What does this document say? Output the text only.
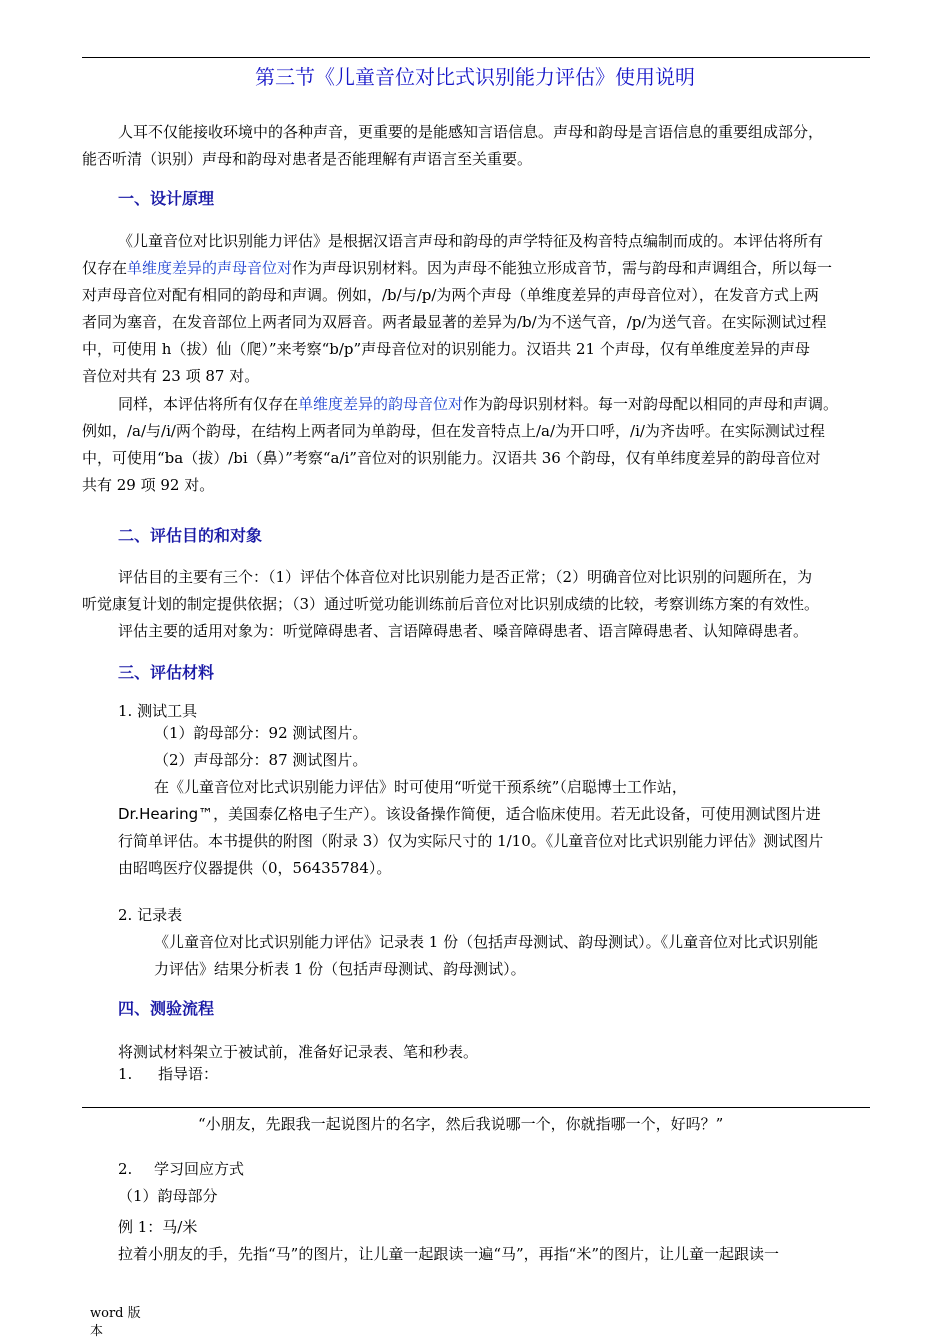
第三节《儿童音位对比式识别能力评估》使用说明
人耳不仅能接收环境中的各种声音，更重要的是能感知言语信息。声母和韵母是言语信息的重要组成部分，
能否听清（识别）声母和韵母对患者是否能理解有声语言至关重要。
一、设计原理
《儿童音位对比识别能力评估》是根据汉语言声母和韵母的声学特征及构音特点编制而成的。本评估将所有
仅存在单维度差异的声母音位对作为声母识别材料。因为声母不能独立形成音节，需与韵母和声调组合，所以每一
对声母音位对配有相同的韵母和声调。例如，/b/与/p/为两个声母（单维度差异的声母音位对），在发音方式上两
者同为塞音，在发音部位上两者同为双唇音。两者最显著的差异为/b/为不送气音，/p/为送气音。在实际测试过程
中，可使用 h（拔）仙（爬）”来考察“b/p”声母音位对的识别能力。汉语共 21 个声母，仅有单维度差异的声母
音位对共有 23 项 87 对。
同样，本评估将所有仅存在单维度差异的韵母音位对作为韵母识别材料。每一对韵母配以相同的声母和声调。
例如，/a/与/i/两个韵母，在结构上两者同为单韵母，但在发音特点上/a/为开口呼，/i/为齐齿呼。在实际测试过程
中，可使用“ba（拔）/bi（鼻）”考察“a/i”音位对的识别能力。汉语共 36 个韵母，仅有单纬度差异的韵母音位对
共有 29 项 92 对。
二、评估目的和对象
评估目的主要有三个：（1）评估个体音位对比识别能力是否正常；（2）明确音位对比识别的问题所在，为
听觉康复计划的制定提供依据；（3）通过听觉功能训练前后音位对比识别成绩的比较，考察训练方案的有效性。
评估主要的适用对象为：听觉障碍患者、言语障碍患者、嗓音障碍患者、语言障碍患者、认知障碍患者。
三、评估材料
1. 测试工具
（1）韵母部分：92 测试图片。
（2）声母部分：87 测试图片。
在《儿童音位对比式识别能力评估》时可使用“听觉干预系统”（启聪博士工作站，
Dr.Hearing™，美国泰亿格电子生产）。该设备操作简便，适合临床使用。若无此设备，可使用测试图片进
行简单评估。本书提供的附图（附录 3）仅为实际尺寸的 1/10。《儿童音位对比式识别能力评估》测试图片
由昭鸣医疗仪器提供（0，56435784）。
2. 记录表
《儿童音位对比式识别能力评估》记录表 1 份（包括声母测试、韵母测试）。《儿童音位对比式识别能
力评估》结果分析表 1 份（包括声母测试、韵母测试）。
四、测验流程
将测试材料架立于被试前，准备好记录表、笔和秒表。
1. 指导语：
“小朋友，先跟我一起说图片的名字，然后我说哪一个，你就指哪一个，好吗？”
2. 学习回应方式
（1）韵母部分
例 1：马/米
拉着小朋友的手，先指“马”的图片，让儿童一起跟读一遍“马”，再指“米”的图片，让儿童一起跟读一
word 版
本
